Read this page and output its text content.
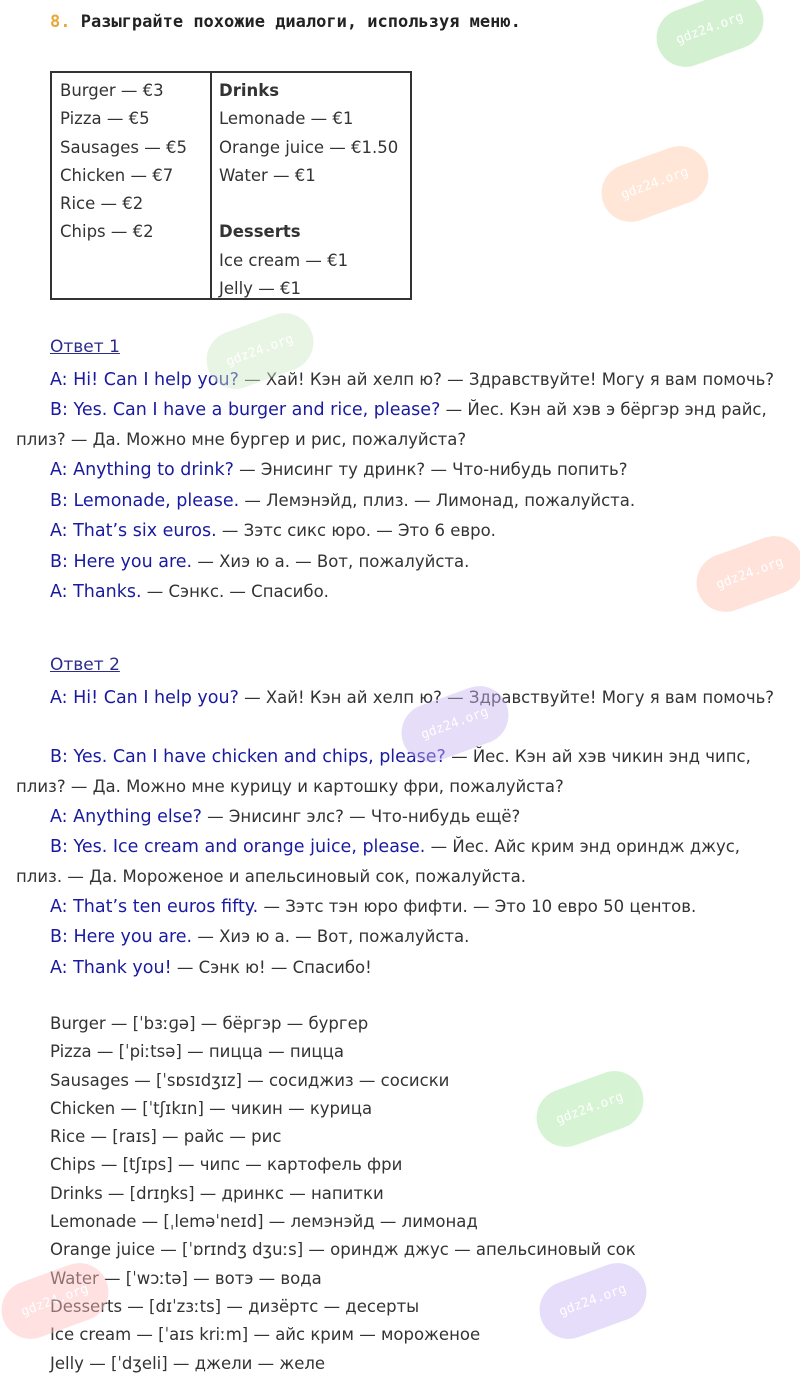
8. Разыграйте похожие диалоги, используя меню.
Burger — €3
Pizza — €5
Sausages — €5
Chicken — €7
Rice — €2
Chips — €2
Drinks
Lemonade — €1
Orange juice — €1.50
Water — €1
Desserts
Ice cream — €1
Jelly — €1
Ответ 1
A: Hi! Can I help you? — Хай! Кэн ай хелп ю? — Здравствуйте! Могу я вам помочь?
B: Yes. Can I have a burger and rice, please? — Йес. Кэн ай хэв э бёргэр энд райс, плиз? — Да. Можно мне бургер и рис, пожалуйста?
A: Anything to drink? — Энисинг ту дринк? — Что-нибудь попить?
B: Lemonade, please. — Лемэнэйд, плиз. — Лимонад, пожалуйста.
A: That’s six euros. — Зэтс сикс юро. — Это 6 евро.
B: Here you are. — Хиэ ю а. — Вот, пожалуйста.
A: Thanks. — Сэнкс. — Спасибо.
Ответ 2
A: Hi! Can I help you? — Хай! Кэн ай хелп ю? — Здравствуйте! Могу я вам помочь?
B: Yes. Can I have chicken and chips, please? — Йес. Кэн ай хэв чикин энд чипс, плиз? — Да. Можно мне курицу и картошку фри, пожалуйста?
A: Anything else? — Энисинг элс? — Что-нибудь ещё?
B: Yes. Ice cream and orange juice, please. — Йес. Айс крим энд ориндж джус, плиз. — Да. Мороженое и апельсиновый сок, пожалуйста.
A: That’s ten euros fifty. — Зэтс тэн юро фифти. — Это 10 евро 50 центов.
B: Here you are. — Хиэ ю а. — Вот, пожалуйста.
A: Thank you! — Сэнк ю! — Спасибо!
Burger — [ˈbɜːɡə] — бёргэр — бургер
Pizza — [ˈpiːtsə] — пицца — пицца
Sausages — [ˈsɒsɪdʒɪz] — сосиджиз — сосиски
Chicken — [ˈtʃɪkɪn] — чикин — курица
Rice — [raɪs] — райс — рис
Chips — [tʃɪps] — чипс — картофель фри
Drinks — [drɪŋks] — дринкс — напитки
Lemonade — [ˌleməˈneɪd] — лемэнэйд — лимонад
Orange juice — [ˈɒrɪndʒ dʒuːs] — ориндж джус — апельсиновый сок
Water — [ˈwɔːtə] — вотэ — вода
Desserts — [dɪˈzɜːts] — дизёртс — десерты
Ice cream — [ˈaɪs kriːm] — айс крим — мороженое
Jelly — [ˈdʒeli] — джели — желе
gdz24.org
gdz24.org
gdz24.org
gdz24.org
gdz24.org
gdz24.org
gdz24.org	gdz24.org
